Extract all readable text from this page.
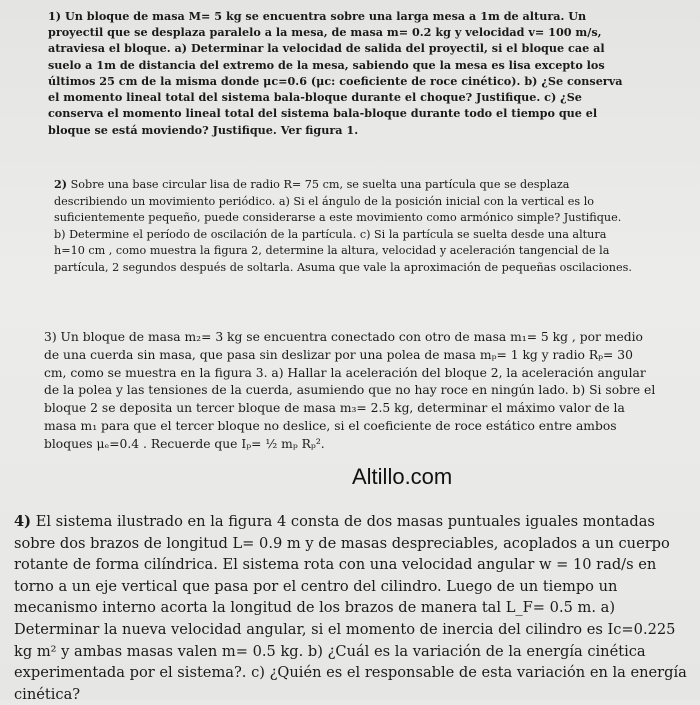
1) Un bloque de masa M= 5 kg se encuentra sobre una larga mesa a 1m de altura. Un proyectil que se desplaza paralelo a la mesa, de masa m= 0.2 kg y velocidad v= 100 m/s, atraviesa el bloque. a) Determinar la velocidad de salida del proyectil, si el bloque cae al suelo a 1m de distancia del extremo de la mesa, sabiendo que la mesa es lisa excepto los últimos 25 cm de la misma donde μc=0.6 (μc: coeficiente de roce cinético). b) ¿Se conserva el momento lineal total del sistema bala-bloque durante el choque? Justifique. c) ¿Se conserva el momento lineal total del sistema bala-bloque durante todo el tiempo que el bloque se está moviendo? Justifique. Ver figura 1.

2) Sobre una base circular lisa de radio R= 75 cm, se suelta una partícula que se desplaza describiendo un movimiento periódico. a) Si el ángulo de la posición inicial con la vertical es lo suficientemente pequeño, puede considerarse a este movimiento como armónico simple? Justifique. b) Determine el período de oscilación de la partícula. c) Si la partícula se suelta desde una altura h=10 cm , como muestra la figura 2, determine la altura, velocidad y aceleración tangencial de la partícula, 2 segundos después de soltarla. Asuma que vale la aproximación de pequeñas oscilaciones.

3) Un bloque de masa m₂= 3 kg se encuentra conectado con otro de masa m₁= 5 kg , por medio de una cuerda sin masa, que pasa sin deslizar por una polea de masa mₚ= 1 kg y radio Rₚ= 30 cm, como se muestra en la figura 3. a) Hallar la aceleración del bloque 2, la aceleración angular de la polea y las tensiones de la cuerda, asumiendo que no hay roce en ningún lado. b) Si sobre el bloque 2 se deposita un tercer bloque de masa m₃= 2.5 kg, determinar el máximo valor de la masa m₁ para que el tercer bloque no deslice, si el coeficiente de roce estático entre ambos bloques μₑ=0.4 . Recuerde que Iₚ= ½ mₚ Rₚ².

Altillo.com

4) El sistema ilustrado en la figura 4 consta de dos masas puntuales iguales montadas sobre dos brazos de longitud L= 0.9 m y de masas despreciables, acoplados a un cuerpo rotante de forma cilíndrica. El sistema rota con una velocidad angular w = 10 rad/s en torno a un eje vertical que pasa por el centro del cilindro. Luego de un tiempo un mecanismo interno acorta la longitud de los brazos de manera tal L_F= 0.5 m. a) Determinar la nueva velocidad angular, si el momento de inercia del cilindro es Ic=0.225 kg m² y ambas masas valen m= 0.5 kg. b) ¿Cuál es la variación de la energía cinética experimentada por el sistema?. c) ¿Quién es el responsable de esta variación en la energía cinética?
